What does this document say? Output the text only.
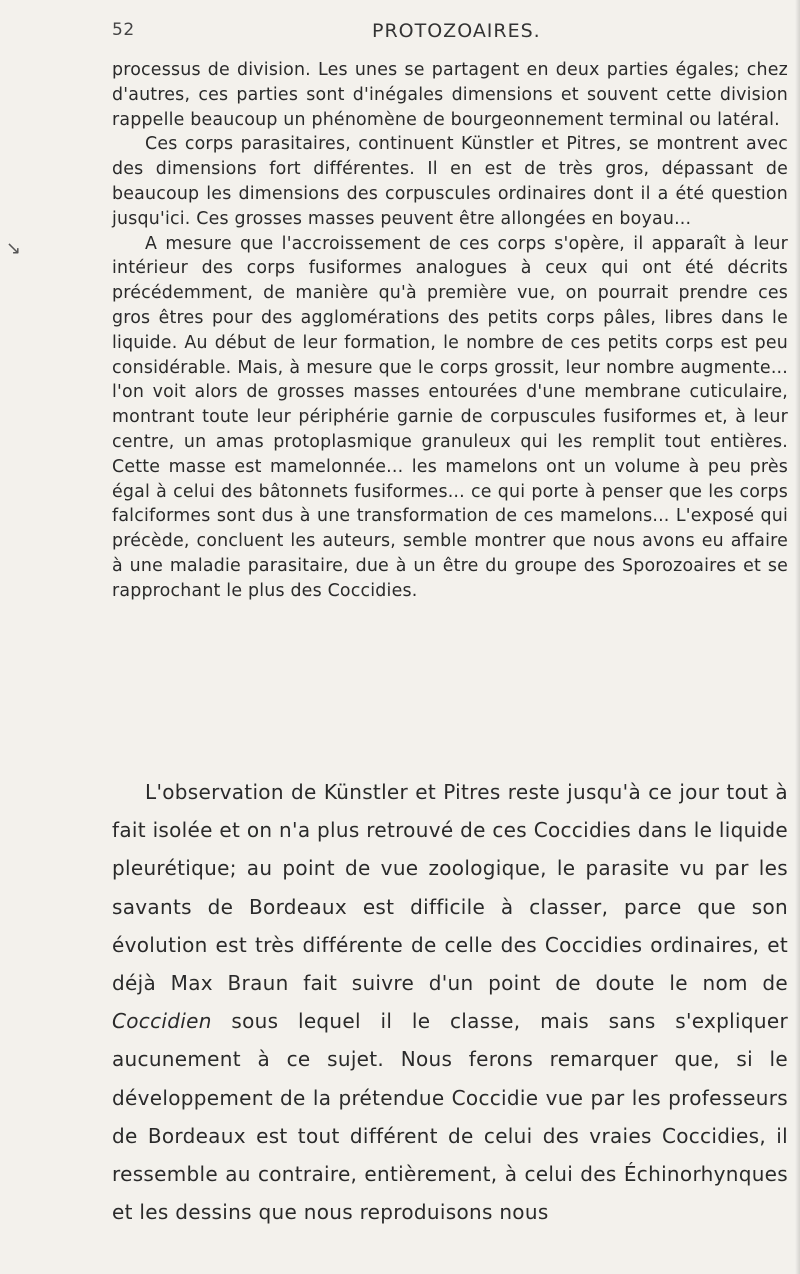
52	PROTOZOAIRES.
↘

processus de division. Les unes se partagent en deux parties égales; chez d'autres, ces parties sont d'inégales dimensions et souvent cette division rappelle beaucoup un phénomène de bourgeonnement terminal ou latéral.

Ces corps parasitaires, continuent Künstler et Pitres, se montrent avec des dimensions fort différentes. Il en est de très gros, dépassant de beaucoup les dimensions des corpuscules ordinaires dont il a été question jusqu'ici. Ces grosses masses peuvent être allongées en boyau...

A mesure que l'accroissement de ces corps s'opère, il apparaît à leur intérieur des corps fusiformes analogues à ceux qui ont été décrits précédemment, de manière qu'à première vue, on pourrait prendre ces gros êtres pour des agglomérations des petits corps pâles, libres dans le liquide. Au début de leur formation, le nombre de ces petits corps est peu considérable. Mais, à mesure que le corps grossit, leur nombre augmente... l'on voit alors de grosses masses entourées d'une membrane cuticulaire, montrant toute leur périphérie garnie de corpuscules fusiformes et, à leur centre, un amas protoplasmique granuleux qui les remplit tout entières. Cette masse est mamelonnée... les mamelons ont un volume à peu près égal à celui des bâtonnets fusiformes... ce qui porte à penser que les corps falciformes sont dus à une transformation de ces mamelons... L'exposé qui précède, concluent les auteurs, semble montrer que nous avons eu affaire à une maladie parasitaire, due à un être du groupe des Sporozoaires et se rapprochant le plus des Coccidies.

L'observation de Künstler et Pitres reste jusqu'à ce jour tout à fait isolée et on n'a plus retrouvé de ces Coccidies dans le liquide pleurétique; au point de vue zoologique, le parasite vu par les savants de Bordeaux est difficile à classer, parce que son évolution est très différente de celle des Coccidies ordinaires, et déjà Max Braun fait suivre d'un point de doute le nom de Coccidien sous lequel il le classe, mais sans s'expliquer aucunement à ce sujet. Nous ferons remarquer que, si le développement de la prétendue Coccidie vue par les professeurs de Bordeaux est tout différent de celui des vraies Coccidies, il ressemble au contraire, entièrement, à celui des Échinorhynques et les dessins que nous reproduisons nous
